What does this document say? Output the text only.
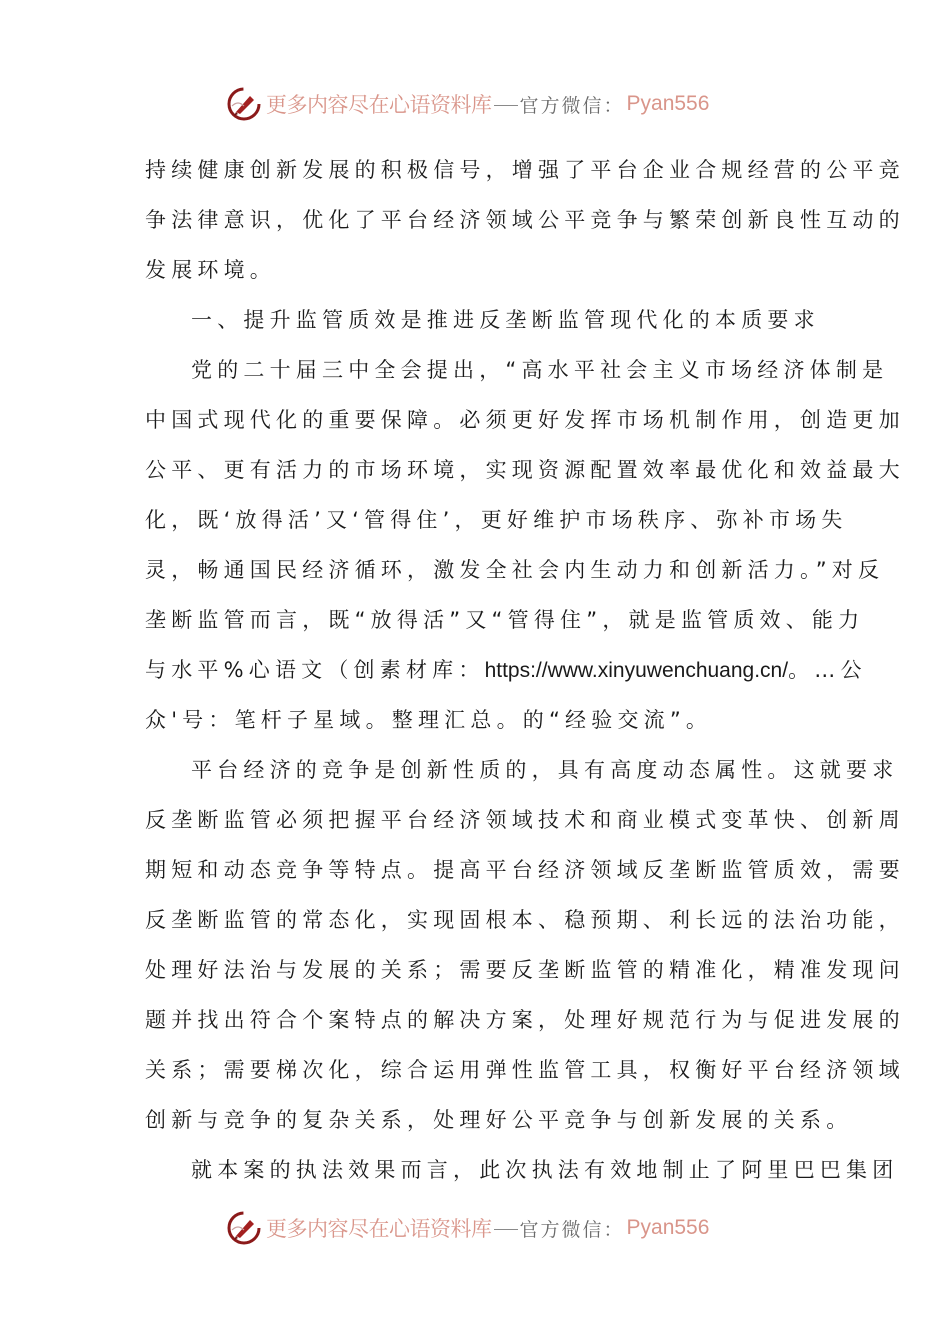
更多内容尽在心语资料库 官方微信： Pyan556
持续健康创新发展的积极信号，增强了平台企业合规经营的公平竞
争法律意识，优化了平台经济领域公平竞争与繁荣创新良性互动的
发展环境。
一、提升监管质效是推进反垄断监管现代化的本质要求
党的二十届三中全会提出，“高水平社会主义市场经济体制是
中国式现代化的重要保障。必须更好发挥市场机制作用，创造更加
公平、更有活力的市场环境，实现资源配置效率最优化和效益最大
化，既‘放得活’又‘管得住’，更好维护市场秩序、弥补市场失
灵，畅通国民经济循环，激发全社会内生动力和创新活力。”对反
垄断监管而言，既“放得活”又“管得住”，就是监管质效、能力
与水平%心语文（创素材库：https://www.xinyuwenchuang.cn/。…公
众'号：笔杆子星域。整理汇总。的“经验交流”。
平台经济的竞争是创新性质的，具有高度动态属性。这就要求
反垄断监管必须把握平台经济领域技术和商业模式变革快、创新周
期短和动态竞争等特点。提高平台经济领域反垄断监管质效，需要
反垄断监管的常态化，实现固根本、稳预期、利长远的法治功能，
处理好法治与发展的关系；需要反垄断监管的精准化，精准发现问
题并找出符合个案特点的解决方案，处理好规范行为与促进发展的
关系；需要梯次化，综合运用弹性监管工具，权衡好平台经济领域
创新与竞争的复杂关系，处理好公平竞争与创新发展的关系。
就本案的执法效果而言，此次执法有效地制止了阿里巴巴集团
更多内容尽在心语资料库 官方微信： Pyan556
